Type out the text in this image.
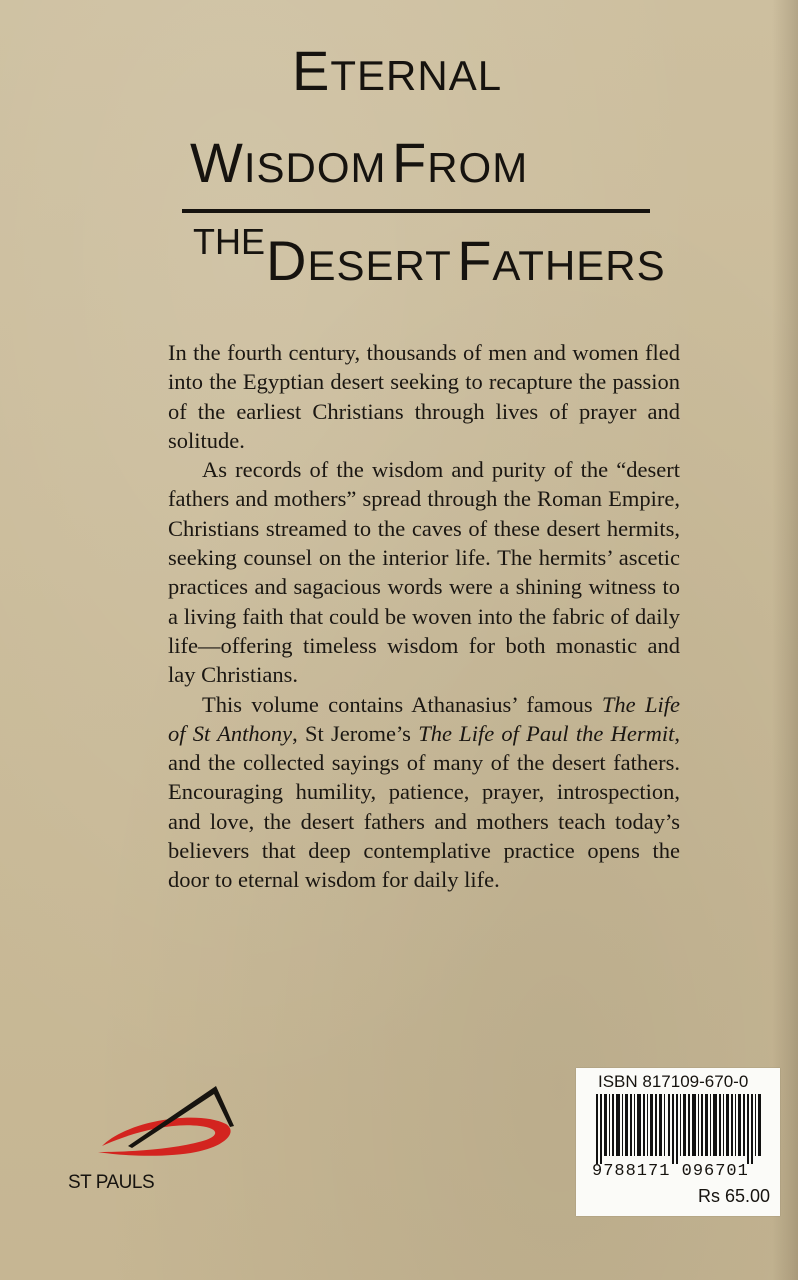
ETERNAL
WISDOM FROM
THE DESERT FATHERS

In the fourth century, thousands of men and women fled into the Egyptian desert seeking to recapture the passion of the earliest Christians through lives of prayer and solitude.

As records of the wisdom and purity of the “desert fathers and mothers” spread through the Roman Empire, Christians streamed to the caves of these desert hermits, seeking counsel on the interior life. The hermits’ ascetic practices and sagacious words were a shining witness to a living faith that could be woven into the fabric of daily life—offering timeless wisdom for both monastic and lay Christians.

This volume contains Athanasius’ famous The Life of St Anthony, St Jerome’s The Life of Paul the Hermit, and the collected sayings of many of the desert fathers. Encouraging humility, patience, prayer, introspection, and love, the desert fathers and mothers teach today’s believers that deep contemplative practice opens the door to eternal wisdom for daily life.

ST PAULS
ISBN 817109-670-0
9788171 096701
Rs 65.00
